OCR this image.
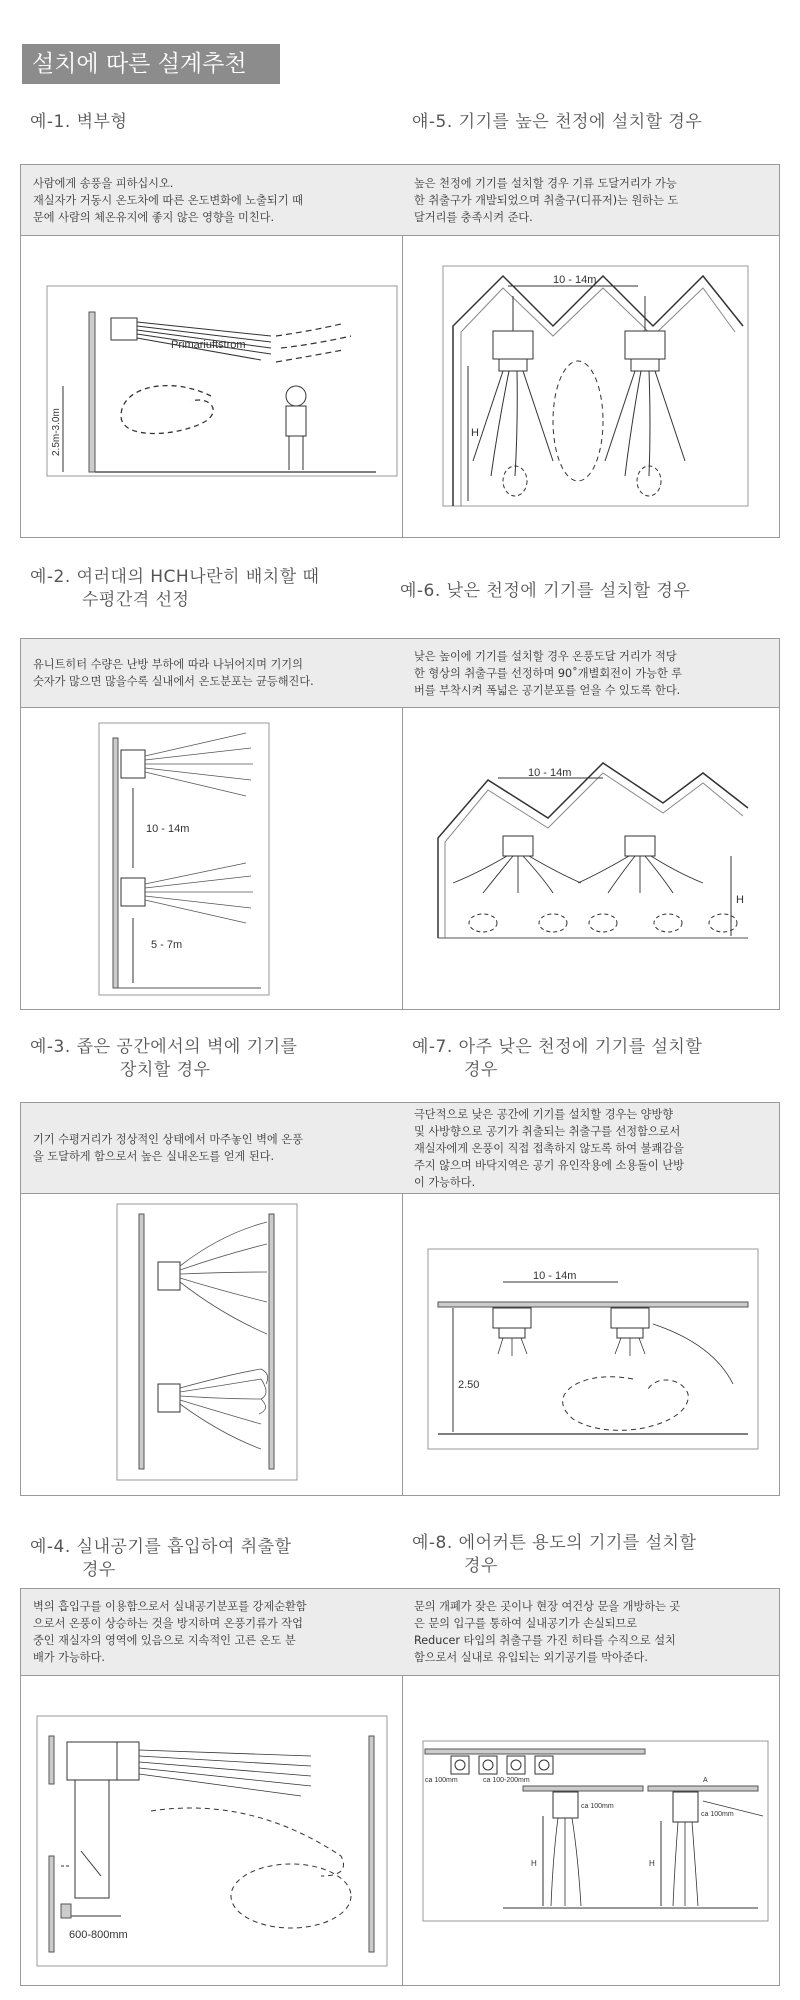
설치에 따른 설계추천
예-1. 벽부형	얘-5. 기기를 높은 천정에 설치할 경우
사람에게 송풍을 피하십시오.
재실자가 거동시 온도차에 따른 온도변화에 노출되기 때
문에 사람의 체온유지에 좋지 않은 영향을 미친다.
높은 천정에 기기를 설치할 경우 기류 도달거리가 가능
한 취출구가 개발되었으며 취출구(디퓨저)는 원하는 도
달거리를 충족시켜 준다.
Primariuftstrom
2.5m-3.0m
10 - 14m
H
예-2. 여러대의 HCH나란히 배치할 때
수평간격 선정	예-6. 낮은 천정에 기기를 설치할 경우
유니트히터 수량은 난방 부하에 따라 나뉘어지며 기기의
숫자가 많으면 많을수록 실내에서 온도분포는 균등해진다.
낮은 높이에 기기를 설치할 경우 온풍도달 거리가 적당
한 형상의 취출구를 선정하며 90˚개별회전이 가능한 루
버를 부착시켜 폭넓은 공기분포를 얻을 수 있도록 한다.
10 - 14m
5 - 7m
10 - 14m
H
예-3. 좁은 공간에서의 벽에 기기를
장치할 경우
예-7. 아주 낮은 천정에 기기를 설치할
경우
기기 수평거리가 정상적인 상태에서 마주놓인 벽에 온풍
을 도달하게 함으로서 높은 실내온도를 얻게 된다.
극단적으로 낮은 공간에 기기를 설치할 경우는 양방향
및 사방향으로 공기가 취출되는 취출구를 선정함으로서
재실자에게 온풍이 직접 접촉하지 않도록 하여 불쾌감을
주지 않으며 바닥지역은 공기 유인작용에 소용돌이 난방
이 가능하다.
10 - 14m
2.50
예-4. 실내공기를 흡입하여 취출할
경우
예-8. 에어커튼 용도의 기기를 설치할
경우
벽의 흡입구를 이용함으로서 실내공기분포를 강제순환함
으로서 온풍이 상승하는 것을 방지하며 온풍기류가 작업
중인 재실자의 영역에 있음으로 지속적인 고른 온도 분
배가 가능하다.
문의 개폐가 잦은 곳이나 현장 여건상 문을 개방하는 곳
은 문의 입구를 통하여 실내공기가 손실되므로
Reducer 타입의 취출구를 가진 히타를 수직으로 설치
함으로서 실내로 유입되는 외기공기를 막아준다.
600-800mm
ca 100mm	ca 100-200mm
ca 100mm
H
A
ca 100mm
H
